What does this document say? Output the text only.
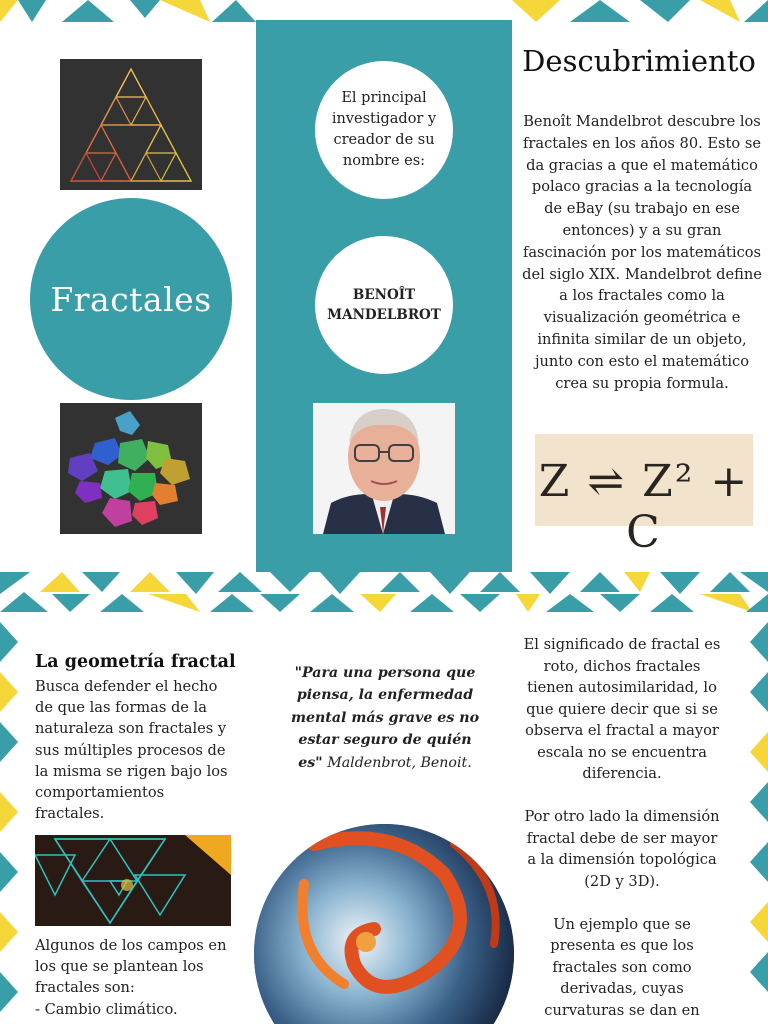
Fractales
El principal investigador y creador de su nombre es:
BENOÎT MANDELBROT
Descubrimiento
Benoît Mandelbrot descubre los fractales en los años 80. Esto se da gracias a que el matemático polaco gracias a la tecnología de eBay (su trabajo en ese entonces) y a su gran fascinación por los matemáticos del siglo XIX. Mandelbrot define a los fractales como la visualización geométrica e infinita similar de un objeto, junto con esto el matemático crea su propia formula.
Z ⇌ Z² + C
La geometría fractal
Busca defender el hecho de que las formas de la naturaleza son fractales y sus múltiples procesos de la misma se rigen bajo los comportamientos fractales.
Algunos de los campos en los que se plantean los fractales son:
- Cambio climático.
"Para una persona que piensa, la enfermedad mental más grave es no estar seguro de quién es" Maldenbrot, Benoit.
El significado de fractal es roto, dichos fractales tienen autosimilaridad, lo que quiere decir que si se observa el fractal a mayor escala no se encuentra diferencia.

Por otro lado la dimensión fractal debe de ser mayor a la dimensión topológica (2D y 3D).

Un ejemplo que se presenta es que los fractales son como derivadas, cuyas curvaturas se dan en
